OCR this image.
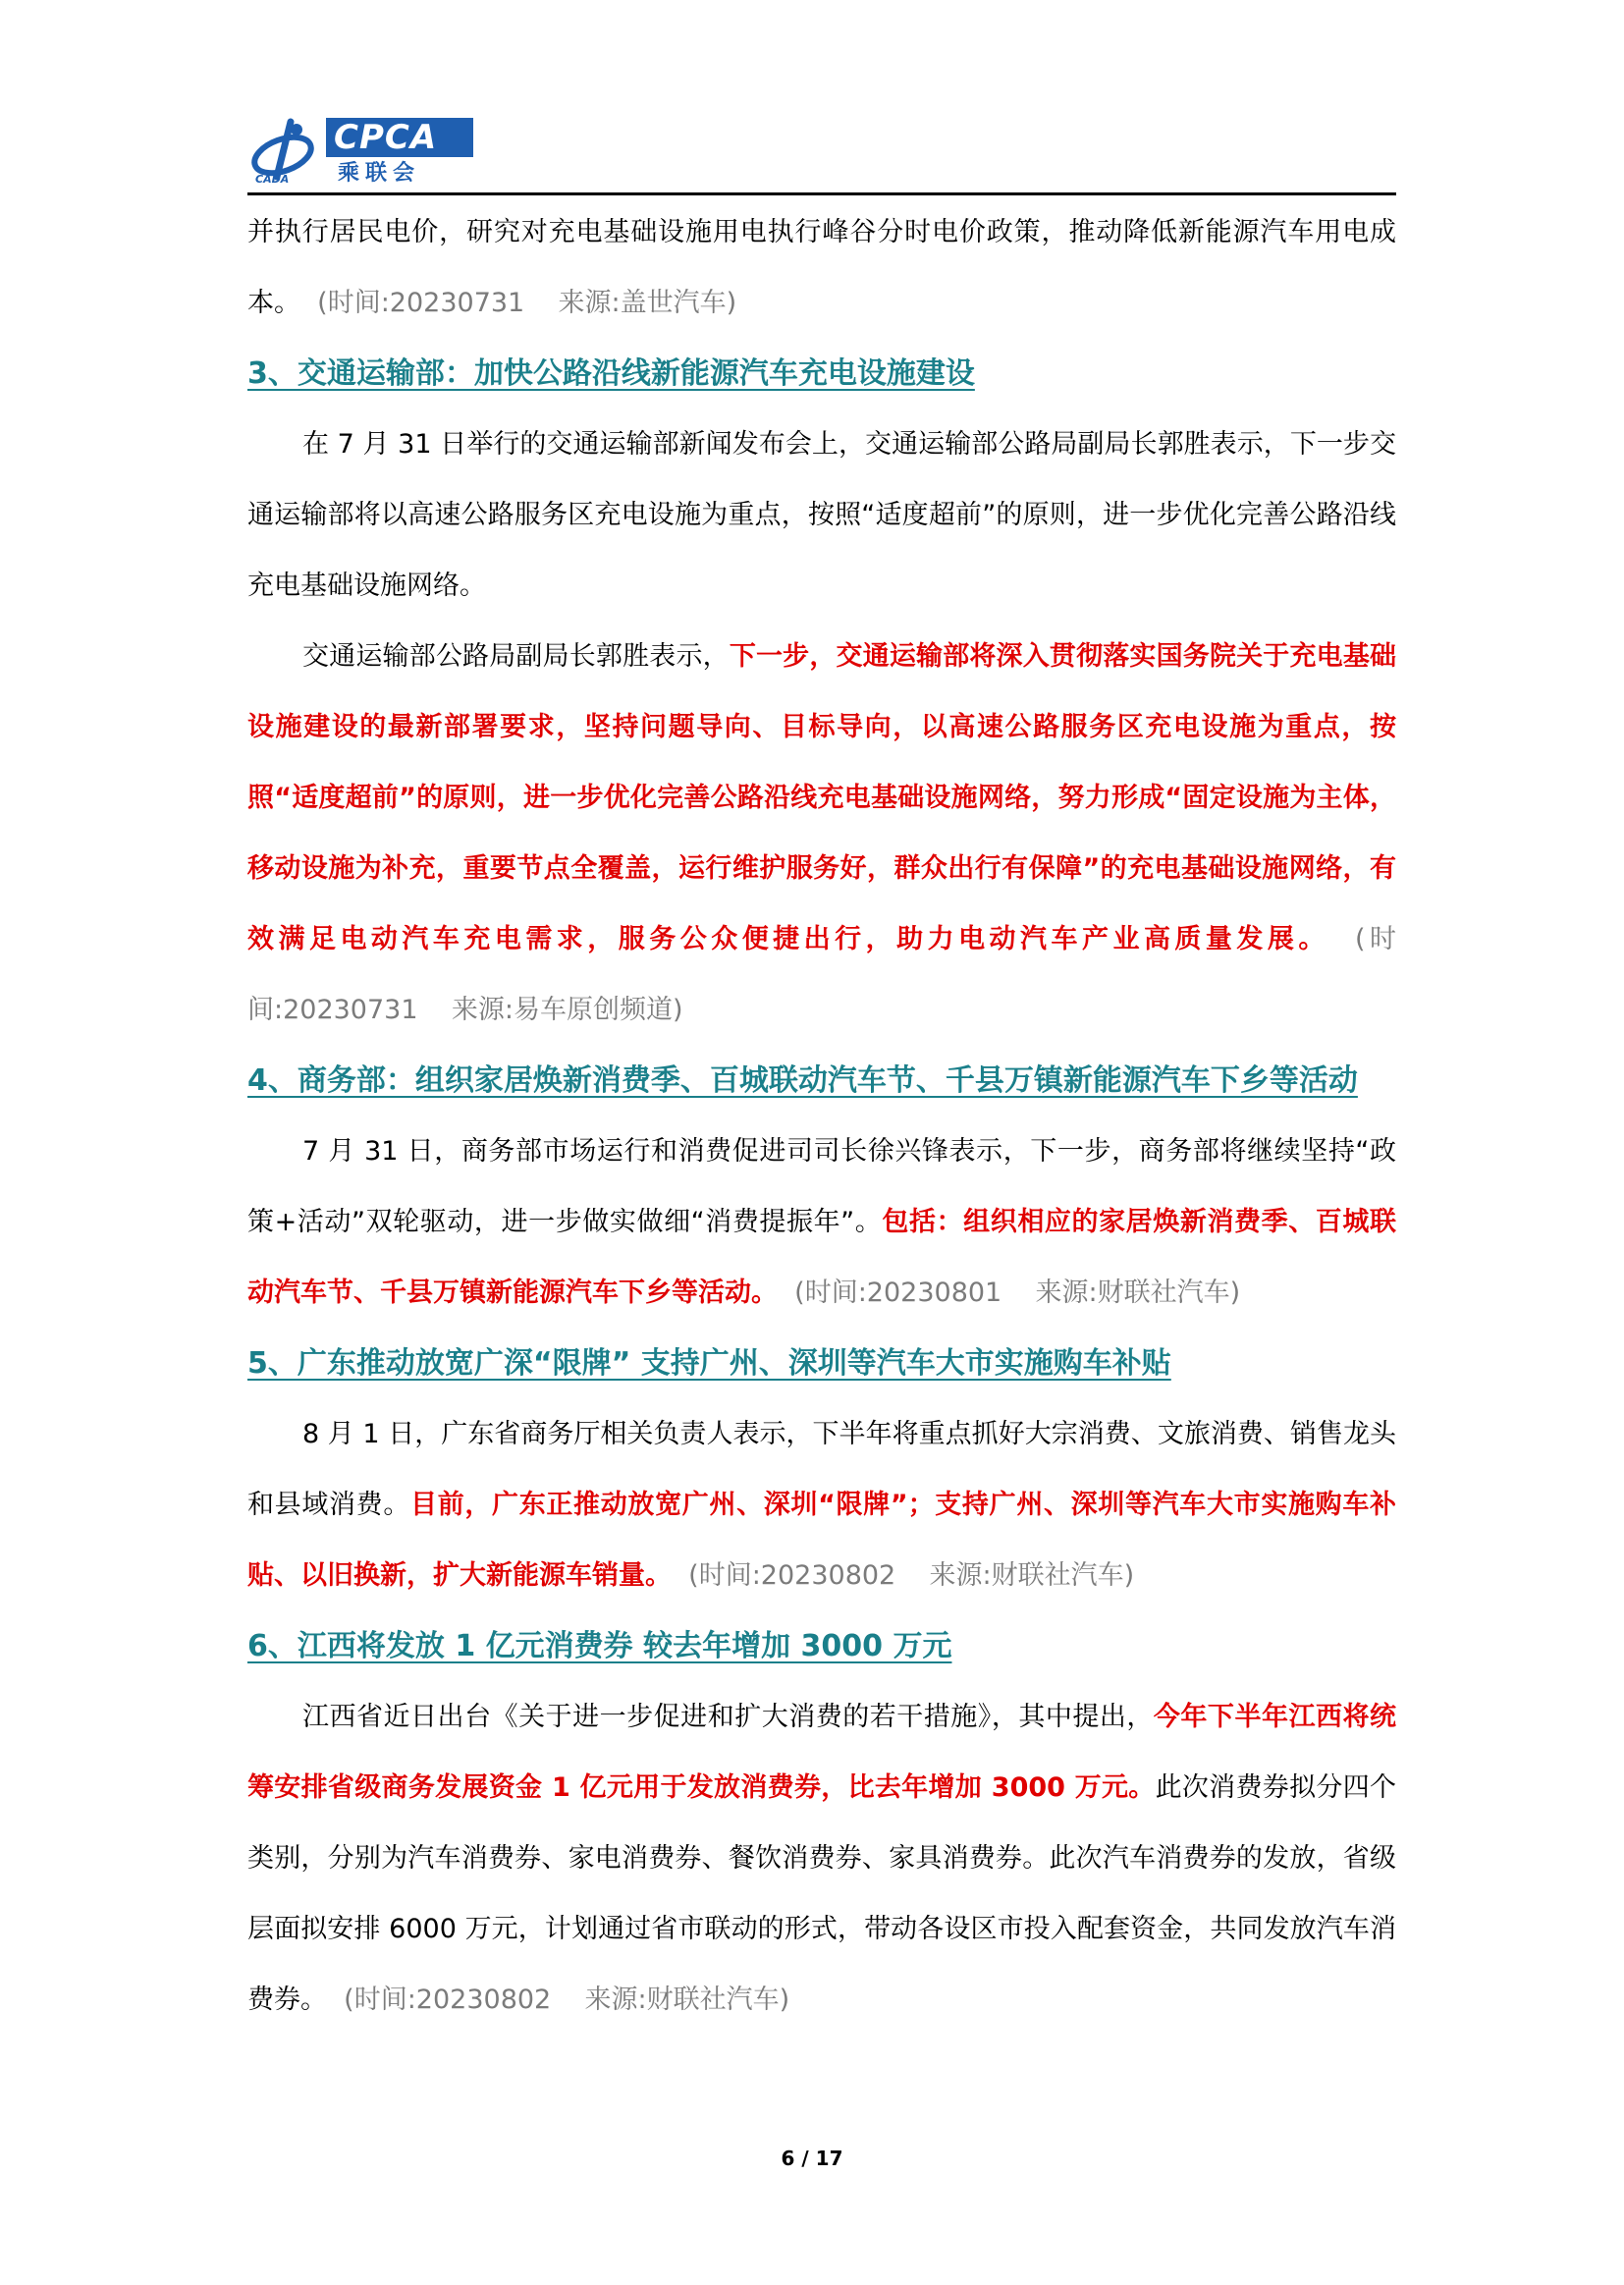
CPCA
乘联会
CADA

并执行居民电价，研究对充电基础设施用电执行峰谷分时电价政策，推动降低新能源汽车用电成本。 (时间:20230731    来源:盖世汽车)

3、交通运输部：加快公路沿线新能源汽车充电设施建设

在 7 月 31 日举行的交通运输部新闻发布会上，交通运输部公路局副局长郭胜表示，下一步交通运输部将以高速公路服务区充电设施为重点，按照“适度超前”的原则，进一步优化完善公路沿线充电基础设施网络。

交通运输部公路局副局长郭胜表示，下一步，交通运输部将深入贯彻落实国务院关于充电基础设施建设的最新部署要求，坚持问题导向、目标导向，以高速公路服务区充电设施为重点，按照“适度超前”的原则，进一步优化完善公路沿线充电基础设施网络，努力形成“固定设施为主体，移动设施为补充，重要节点全覆盖，运行维护服务好，群众出行有保障”的充电基础设施网络，有效满足电动汽车充电需求，服务公众便捷出行，助力电动汽车产业高质量发展。 (时间:20230731    来源:易车原创频道)

4、商务部：组织家居焕新消费季、百城联动汽车节、千县万镇新能源汽车下乡等活动

7 月 31 日，商务部市场运行和消费促进司司长徐兴锋表示，下一步，商务部将继续坚持“政策+活动”双轮驱动，进一步做实做细“消费提振年”。包括：组织相应的家居焕新消费季、百城联动汽车节、千县万镇新能源汽车下乡等活动。 (时间:20230801    来源:财联社汽车)

5、广东推动放宽广深“限牌” 支持广州、深圳等汽车大市实施购车补贴

8 月 1 日，广东省商务厅相关负责人表示，下半年将重点抓好大宗消费、文旅消费、销售龙头和县域消费。目前，广东正推动放宽广州、深圳“限牌”；支持广州、深圳等汽车大市实施购车补贴、以旧换新，扩大新能源车销量。 (时间:20230802    来源:财联社汽车)

6、江西将发放 1 亿元消费券 较去年增加 3000 万元

江西省近日出台《关于进一步促进和扩大消费的若干措施》，其中提出，今年下半年江西将统筹安排省级商务发展资金 1 亿元用于发放消费券，比去年增加 3000 万元。此次消费券拟分四个类别，分别为汽车消费券、家电消费券、餐饮消费券、家具消费券。此次汽车消费券的发放，省级层面拟安排 6000 万元，计划通过省市联动的形式，带动各设区市投入配套资金，共同发放汽车消费券。 (时间:20230802    来源:财联社汽车)

6 / 17
